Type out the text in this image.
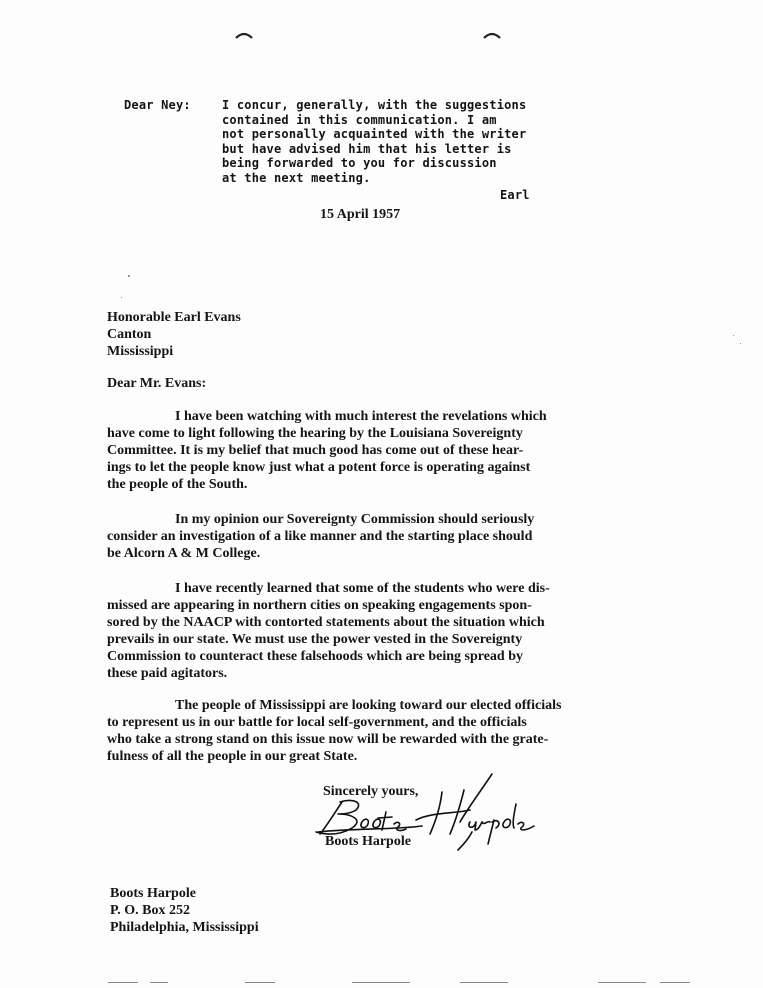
Dear Ney:	I concur, generally, with the suggestions
contained in this communication. I am
not personally acquainted with the writer
but have advised him that his letter is
being forwarded to you for discussion
at the next meeting.
Earl
15 April 1957
Honorable Earl Evans
Canton
Mississippi
Dear Mr. Evans:
I have been watching with much interest the revelations which
have come to light following the hearing by the Louisiana Sovereignty
Committee. It is my belief that much good has come out of these hear-
ings to let the people know just what a potent force is operating against
the people of the South.
In my opinion our Sovereignty Commission should seriously
consider an investigation of a like manner and the starting place should
be Alcorn A & M College.
I have recently learned that some of the students who were dis-
missed are appearing in northern cities on speaking engagements spon-
sored by the NAACP with contorted statements about the situation which
prevails in our state. We must use the power vested in the Sovereignty
Commission to counteract these falsehoods which are being spread by
these paid agitators.
The people of Mississippi are looking toward our elected officials
to represent us in our battle for local self-government, and the officials
who take a strong stand on this issue now will be rewarded with the grate-
fulness of all the people in our great State.
Sincerely yours,
Boots Harpole
Boots Harpole
P. O. Box 252
Philadelphia, Mississippi
